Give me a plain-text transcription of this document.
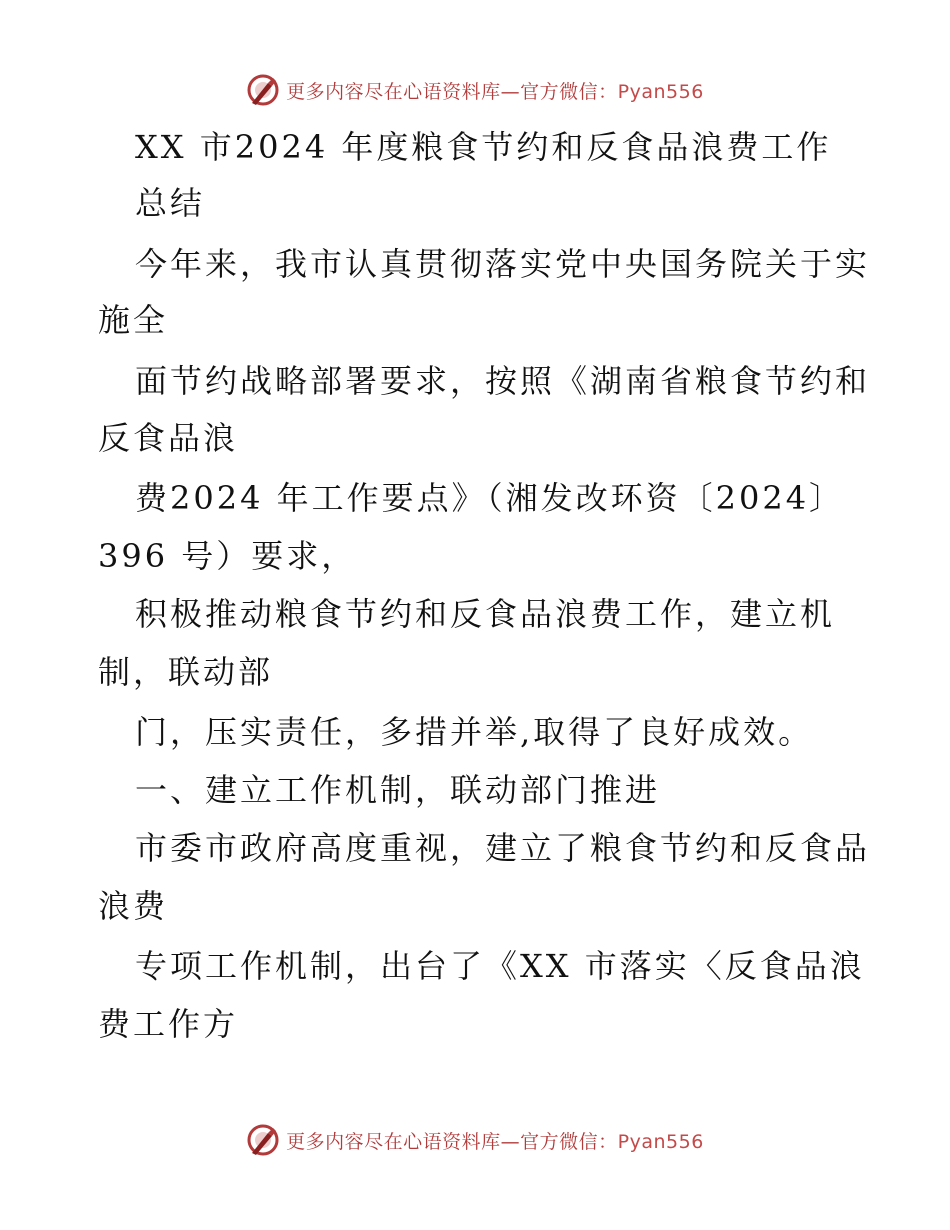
更多内容尽在心语资料库—官方微信：Pyan556
XX 市2024 年度粮食节约和反食品浪费工作
总结
今年来，我市认真贯彻落实党中央国务院关于实
施全
面节约战略部署要求，按照《湖南省粮食节约和
反食品浪
费2024 年工作要点》（湘发改环资〔2024〕
396 号）要求，
积极推动粮食节约和反食品浪费工作，建立机
制，联动部
门，压实责任，多措并举,取得了良好成效。
一、建立工作机制，联动部门推进
市委市政府高度重视，建立了粮食节约和反食品
浪费
专项工作机制，出台了《XX 市落实〈反食品浪
费工作方
更多内容尽在心语资料库—官方微信：Pyan556
